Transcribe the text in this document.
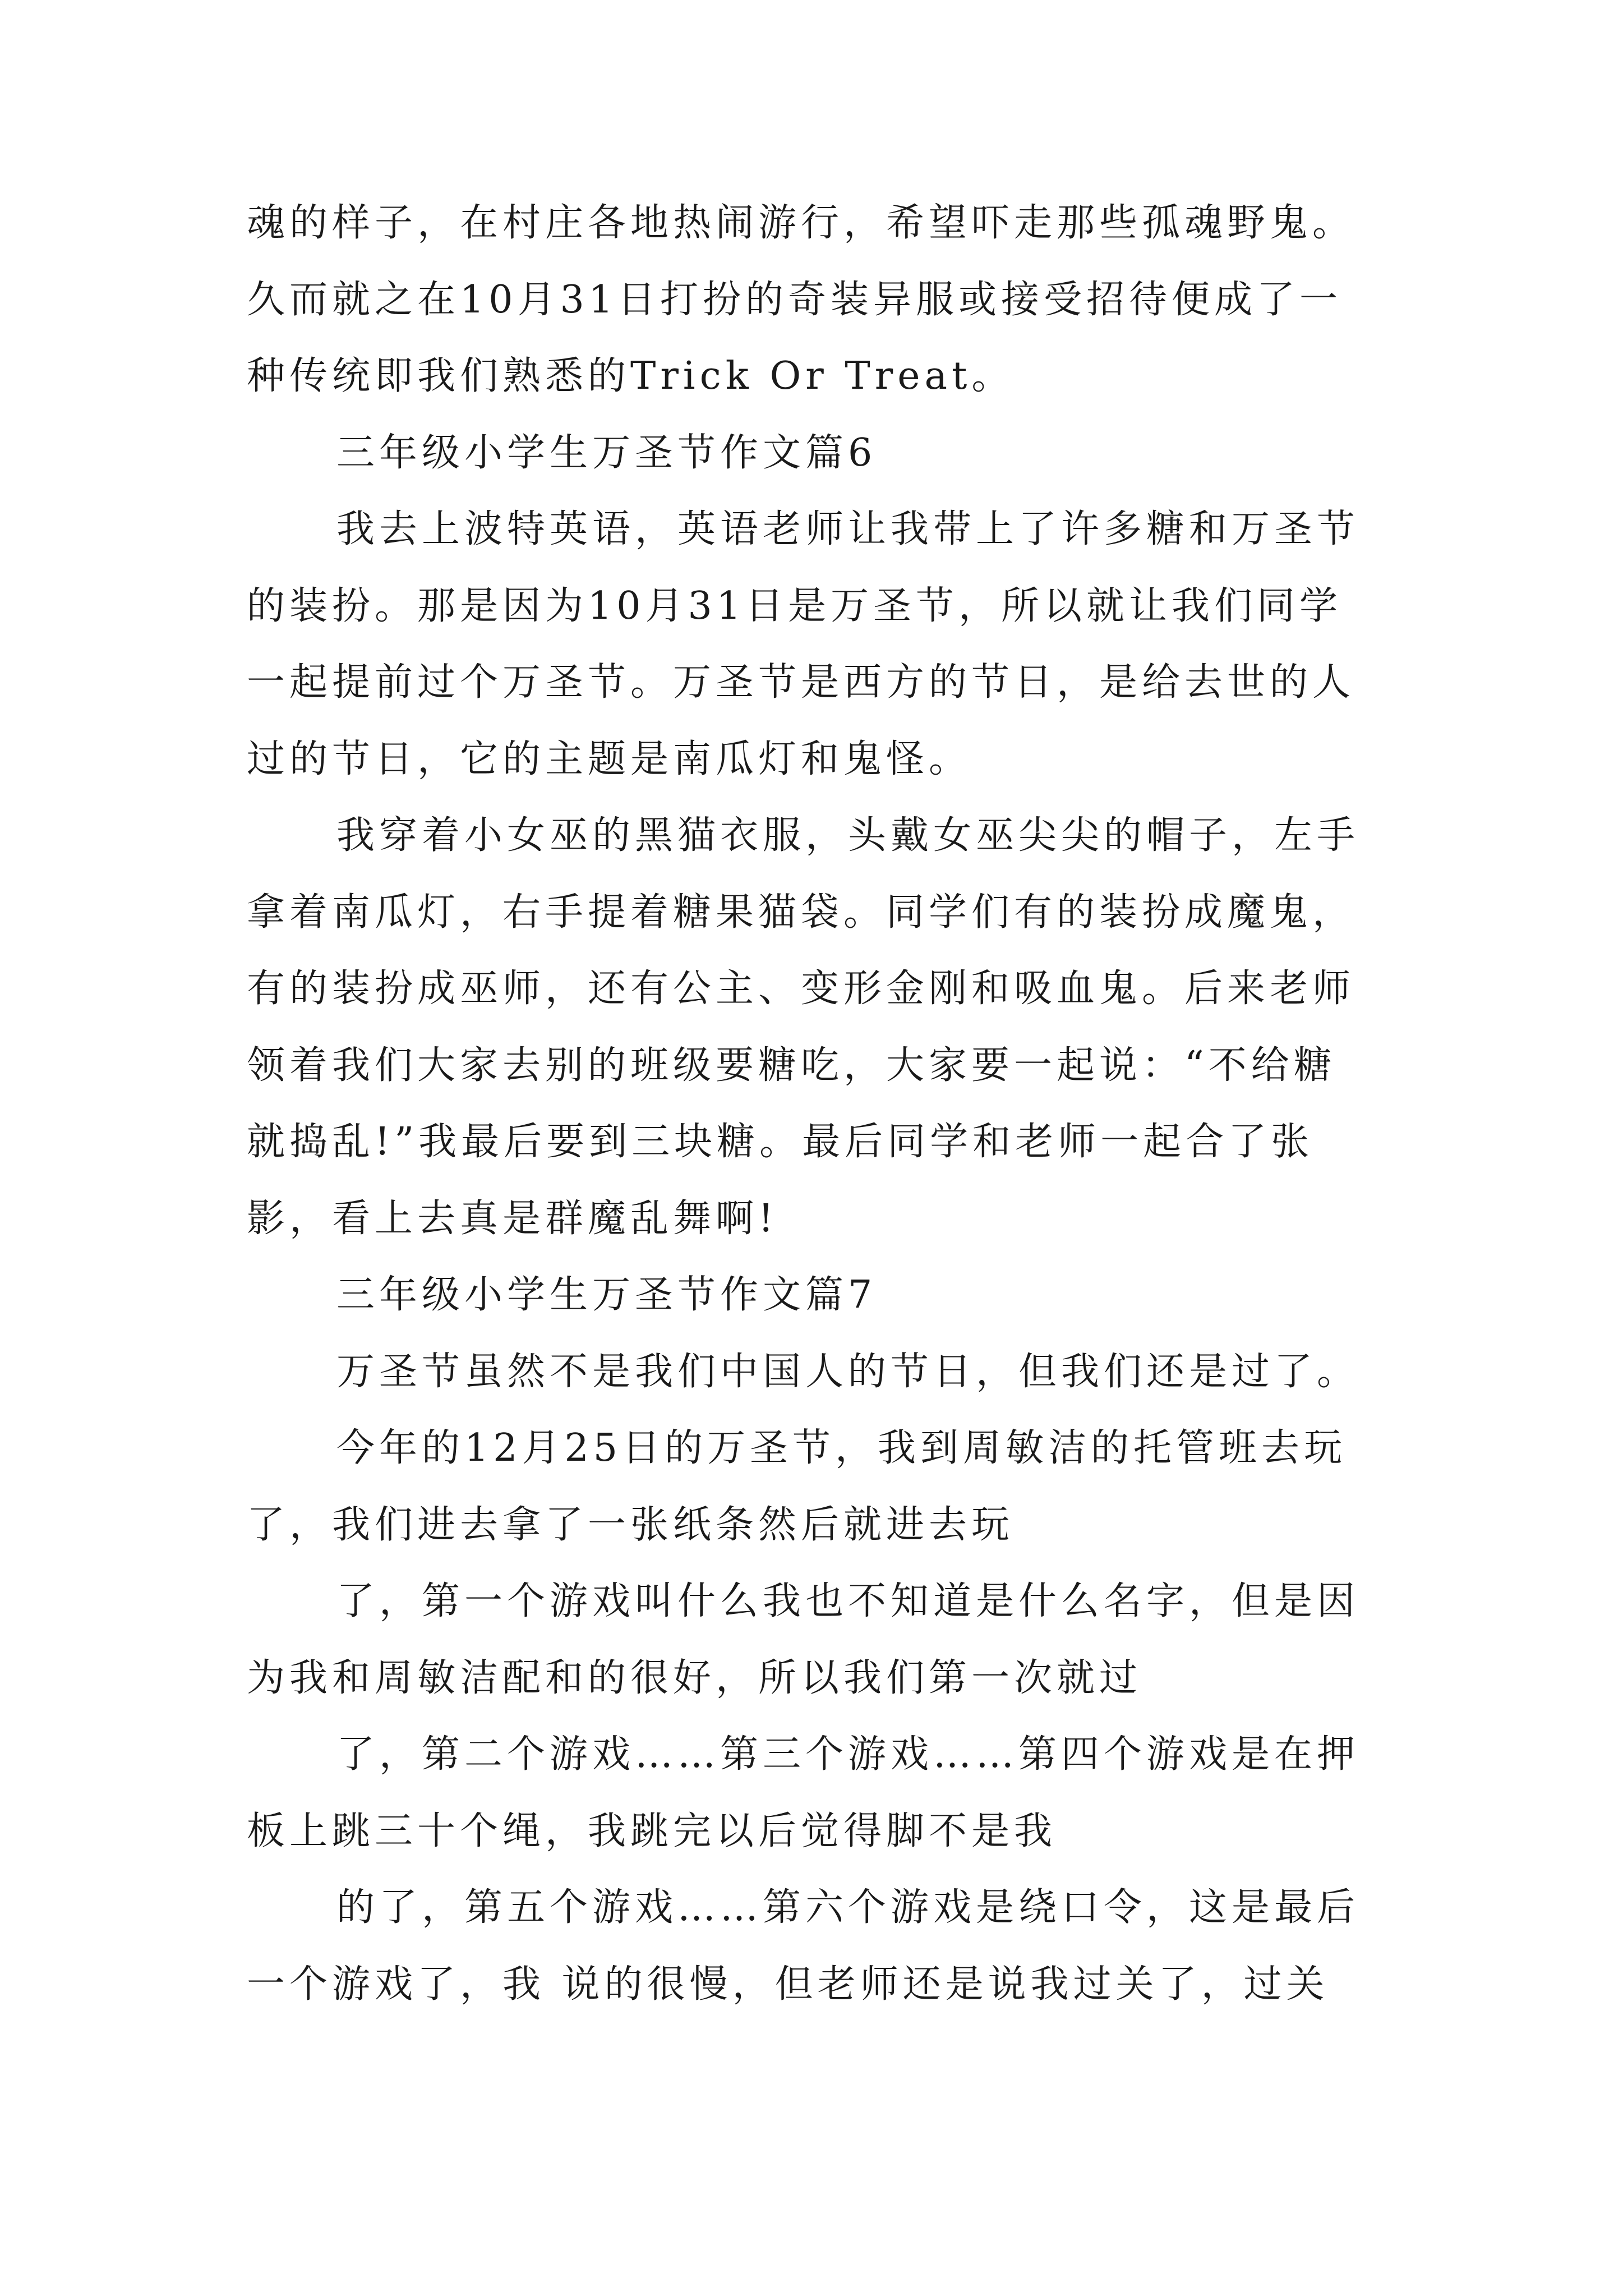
魂的样子，在村庄各地热闹游行，希望吓走那些孤魂野鬼。
久而就之在10月31日打扮的奇装异服或接受招待便成了一
种传统即我们熟悉的Trick Or Treat。
三年级小学生万圣节作文篇6
我去上波特英语，英语老师让我带上了许多糖和万圣节
的装扮。那是因为10月31日是万圣节，所以就让我们同学
一起提前过个万圣节。万圣节是西方的节日，是给去世的人
过的节日，它的主题是南瓜灯和鬼怪。
我穿着小女巫的黑猫衣服，头戴女巫尖尖的帽子，左手
拿着南瓜灯，右手提着糖果猫袋。同学们有的装扮成魔鬼，
有的装扮成巫师，还有公主、变形金刚和吸血鬼。后来老师
领着我们大家去别的班级要糖吃，大家要一起说：“不给糖
就捣乱!”我最后要到三块糖。最后同学和老师一起合了张
影，看上去真是群魔乱舞啊!
三年级小学生万圣节作文篇7
万圣节虽然不是我们中国人的节日，但我们还是过了。
今年的12月25日的万圣节，我到周敏洁的托管班去玩
了，我们进去拿了一张纸条然后就进去玩
了，第一个游戏叫什么我也不知道是什么名字，但是因
为我和周敏洁配和的很好，所以我们第一次就过
了，第二个游戏……第三个游戏……第四个游戏是在押
板上跳三十个绳，我跳完以后觉得脚不是我
的了，第五个游戏……第六个游戏是绕口令，这是最后
一个游戏了，我 说的很慢，但老师还是说我过关了，过关
